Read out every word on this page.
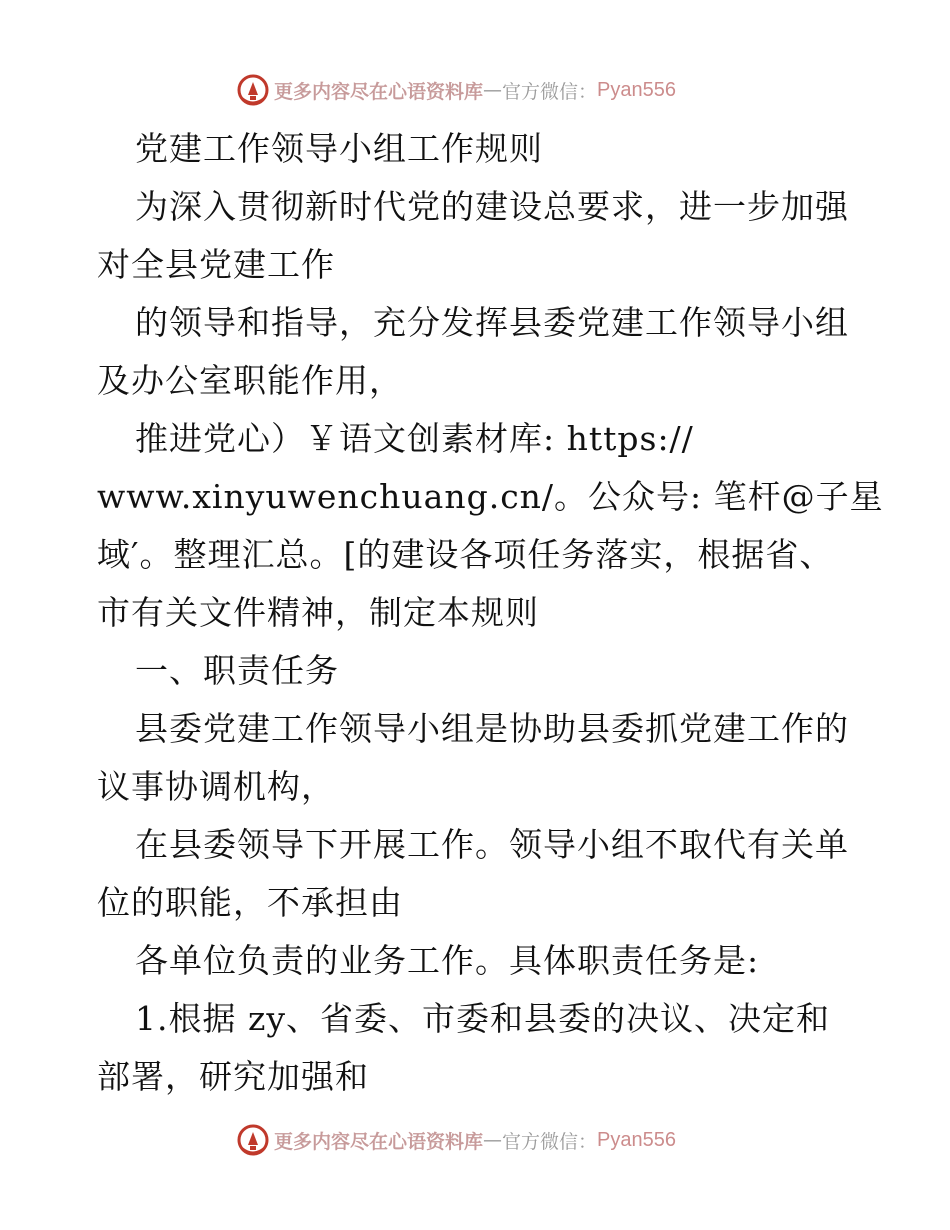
更多内容尽在心语资料库 — 官方微信： Pyan556
党建工作领导小组工作规则
为深入贯彻新时代党的建设总要求，进一步加强
对全县党建工作
的领导和指导，充分发挥县委党建工作领导小组
及办公室职能作用，
推进党心）￥语文创素材库: https://
www.xinyuwenchuang.cn/。公众号: 笔杆@子星
域′。整理汇总。[的建设各项任务落实，根据省、
市有关文件精神，制定本规则
一、职责任务
县委党建工作领导小组是协助县委抓党建工作的
议事协调机构，
在县委领导下开展工作。领导小组不取代有关单
位的职能，不承担由
各单位负责的业务工作。具体职责任务是:
1.根据 zy、省委、市委和县委的决议、决定和
部署，研究加强和
更多内容尽在心语资料库 — 官方微信： Pyan556
